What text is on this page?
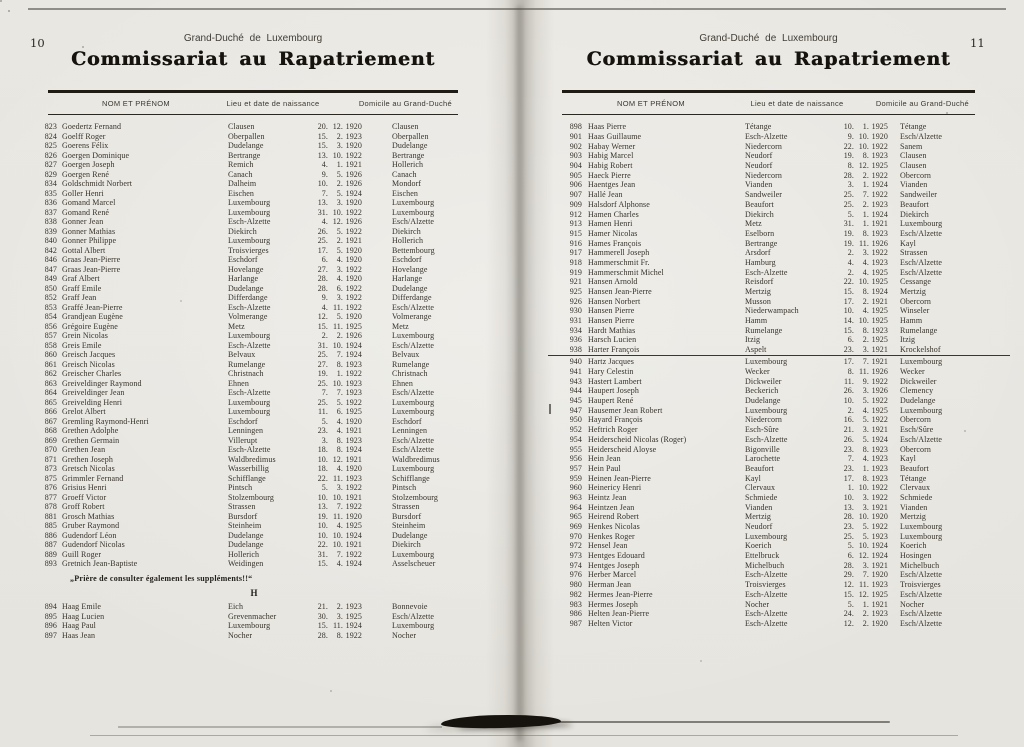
10	Grand-Duché de Luxembourg
Commissariat au Rapatriement
NOM ET PRÉNOM	Lieu et date de naissance	Domicile au Grand-Duché
823 Goedertz Fernand	Clausen	20. 12. 1920	Clausen
824 Goelff Roger	Oberpallen	15.	2. 1923	Oberpallen
825 Goerens Félix	Dudelange	15.	3. 1920	Dudelange
826 Goergen Dominique	Bertrange	13. 10. 1922	Bertrange
827 Goergen Joseph	Remich	4.	1. 1921	Hollerich
829 Goergen René	Canach	9.	5. 1926	Canach
834 Goldschmidt Norbert	Dalheim	10.	2. 1926	Mondorf
835 Goller Henri	Eischen	7.	5. 1924	Eischen
836 Gomand Marcel	Luxembourg	13.	3. 1920	Luxembourg
837 Gomand René	Luxembourg	31. 10. 1922	Luxembourg
838 Gonner Jean	Esch-Alzette	4. 12. 1926	Esch/Alzette
839 Gonner Mathias	Diekirch	26.	5. 1922	Diekirch
840 Gonner Philippe	Luxembourg	25.	2. 1921	Hollerich
842 Gottal Albert	Troisvierges	17.	5. 1920	Bettembourg
846 Graas Jean-Pierre	Eschdorf	6.	4. 1920	Eschdorf
847 Graas Jean-Pierre	Hovelange	27.	3. 1922	Hovelange
849 Graf Albert	Harlange	28.	4. 1920	Harlange
850 Graff Emile	Dudelange	28.	6. 1922	Dudelange
852 Graff Jean	Differdange	9.	3. 1922	Differdange
853 Graffé Jean-Pierre	Esch-Alzette	4. 11. 1922	Esch/Alzette
854 Grandjean Eugène	Volmerange	12.	5. 1920	Volmerange
856 Grégoire Eugène	Metz	15. 11. 1925	Metz
857 Grein Nicolas	Luxembourg	2.	2. 1926	Luxembourg
858 Greis Emile	Esch-Alzette	31. 10. 1924	Esch/Alzette
860 Greisch Jacques	Belvaux	25.	7. 1924	Belvaux
861 Greisch Nicolas	Rumelange	27.	8. 1923	Rumelange
862 Greischer Charles	Christnach	19.	1. 1922	Christnach
863 Greiveldinger Raymond	Ehnen	25. 10. 1923	Ehnen
864 Greiveldinger Jean	Esch-Alzette	7.	7. 1923	Esch/Alzette
865 Greivelding Henri	Luxembourg	25.	5. 1922	Luxembourg
866 Grelot Albert	Luxembourg	11.	6. 1925	Luxembourg
867 Gremling Raymond-Henri	Eschdorf	5.	4. 1920	Eschdorf
868 Grethen Adolphe	Lenningen	23.	4. 1921	Lenningen
869 Grethen Germain	Villerupt	3.	8. 1923	Esch/Alzette
870 Grethen Jean	Esch-Alzette	18.	8. 1924	Esch/Alzette
871 Grethen Joseph	Waldbredimus	10. 12. 1921	Waldbredimus
873 Gretsch Nicolas	Wasserbillig	18.	4. 1920	Luxembourg
875 Grimmler Fernand	Schifflange	22. 11. 1923	Schifflange
876 Grisius Henri	Pintsch	5.	3. 1922	Pintsch
877 Groeff Victor	Stolzembourg	10. 10. 1921	Stolzembourg
878 Groff Robert	Strassen	13.	7. 1922	Strassen
881 Grosch Mathias	Bursdorf	19. 11. 1920	Bursdorf
885 Gruber Raymond	Steinheim	10.	4. 1925	Steinheim
886 Gudendorf Léon	Dudelange	10. 10. 1924	Dudelange
887 Gudendorf Nicolas	Dudelange	22. 10. 1921	Diekirch
889 Guill Roger	Hollerich	31.	7. 1922	Luxembourg
893 Gretnich Jean-Baptiste	Weidingen	15.	4. 1924	Asselscheuer
„Prière de consulter également les suppléments!!“
H
894 Haag Emile	Eich	21.	2. 1923	Bonnevoie
895 Haag Lucien	Grevenmacher	30.	3. 1925	Esch/Alzette
896 Haag Paul	Luxembourg	15. 11. 1924	Luxembourg
897 Haas Jean	Nocher	28.	8. 1922	Nocher
11
Grand-Duché de Luxembourg
Commissariat au Rapatriement
NOM ET PRÉNOM	Lieu et date de naissance	Domicile au Grand-Duché
898 Haas Pierre	Tétange	10.	1. 1925 Tétange
901 Haas Guillaume	Esch-Alzette	9. 10. 1920 Esch/Alzette
902 Habay Werner	Niedercorn	22. 10. 1922 Sanem
903 Habig Marcel	Neudorf	19.	8. 1923 Clausen
904 Habig Robert	Neudorf	8. 12. 1925 Clausen
905 Haeck Pierre	Niedercorn	28.	2. 1922 Obercorn
906 Haentges Jean	Vianden	3.	1. 1924 Vianden
907 Hallé Jean	Sandweiler	25.	7. 1922 Sandweiler
909 Halsdorf Alphonse	Beaufort	25.	2. 1923 Beaufort
912 Hamen Charles	Diekirch	5.	1. 1924 Diekirch
913 Hamen Henri	Metz	31.	1. 1921 Luxembourg
915 Hamer Nicolas	Eselborn	19.	8. 1923 Esch/Alzette
916 Hames François	Bertrange	19. 11. 1926 Kayl
917 Hammerell Joseph	Arsdorf	2.	3. 1922 Strassen
918 Hammerschmit Fr.	Hamburg	4.	4. 1923 Esch/Alzette
919 Hammerschmit Michel	Esch-Alzette	2.	4. 1925 Esch/Alzette
921 Hansen Arnold	Reisdorf	22. 10. 1925 Cessange
925 Hansen Jean-Pierre	Mertzig	15.	8. 1924 Mertzig
926 Hansen Norbert	Musson	17.	2. 1921 Obercorn
930 Hansen Pierre	Niederwampach	10.	4. 1925 Winseler
931 Hansen Pierre	Hamm	14. 10. 1925 Hamm
934 Hardt Mathias	Rumelange	15.	8. 1923 Rumelange
936 Harsch Lucien	Itzig	6.	2. 1925 Itzig
938 Harter François	Aspelt	23.	3. 1921 Krockelshof
940 Hartz Jacques	Luxembourg	17.	7. 1921 Luxembourg
941 Hary Celestin	Wecker	8. 11. 1926 Wecker
943 Hastert Lambert	Dickweiler	11.	9. 1922 Dickweiler
944 Haupert Joseph	Beckerich	26.	3. 1926 Clemency
945 Haupert René	Dudelange	10.	5. 1922 Dudelange
947 Hausemer Jean Robert	Luxembourg	2.	4. 1925 Luxembourg
950 Hayard François	Niedercorn	16.	5. 1922 Obercorn
952 Heftrich Roger	Esch-Sûre	21.	3. 1921 Esch/Sûre
954 Heiderscheid Nicolas (Roger)	Esch-Alzette	26.	5. 1924 Esch/Alzette
955 Heiderscheid Aloyse	Bigonville	23.	8. 1923 Obercorn
956 Hein Jean	Larochette	7.	4. 1923 Kayl
957 Hein Paul	Beaufort	23.	1. 1923 Beaufort
959 Heinen Jean-Pierre	Kayl	17.	8. 1923 Tétange
960 Heinericy Henri	Clervaux	1. 10. 1922 Clervaux
963 Heintz Jean	Schmiede	10.	3. 1922 Schmiede
964 Heintzen Jean	Vianden	13.	3. 1921 Vianden
965 Heirend Robert	Mertzig	28. 10. 1920 Mertzig
969 Henkes Nicolas	Neudorf	23.	5. 1922 Luxembourg
970 Henkes Roger	Luxembourg	25.	5. 1923 Luxembourg
972 Hensel Jean	Koerich	5. 10. 1924 Koerich
973 Hentges Edouard	Ettelbruck	6. 12. 1924 Hosingen
974 Hentges Joseph	Michelbuch	28.	3. 1921 Michelbuch
976 Herber Marcel	Esch-Alzette	29.	7. 1920 Esch/Alzette
980 Herman Jean	Troisvierges	12. 11. 1923 Troisvierges
982 Hermes Jean-Pierre	Esch-Alzette	15. 12. 1925 Esch/Alzette
983 Hermes Joseph	Nocher	5.	1. 1921 Nocher
986 Helten Jean-Pierre	Esch-Alzette	24.	2. 1923 Esch/Alzette
987 Helten Victor	Esch-Alzette	12.	2. 1920 Esch/Alzette
